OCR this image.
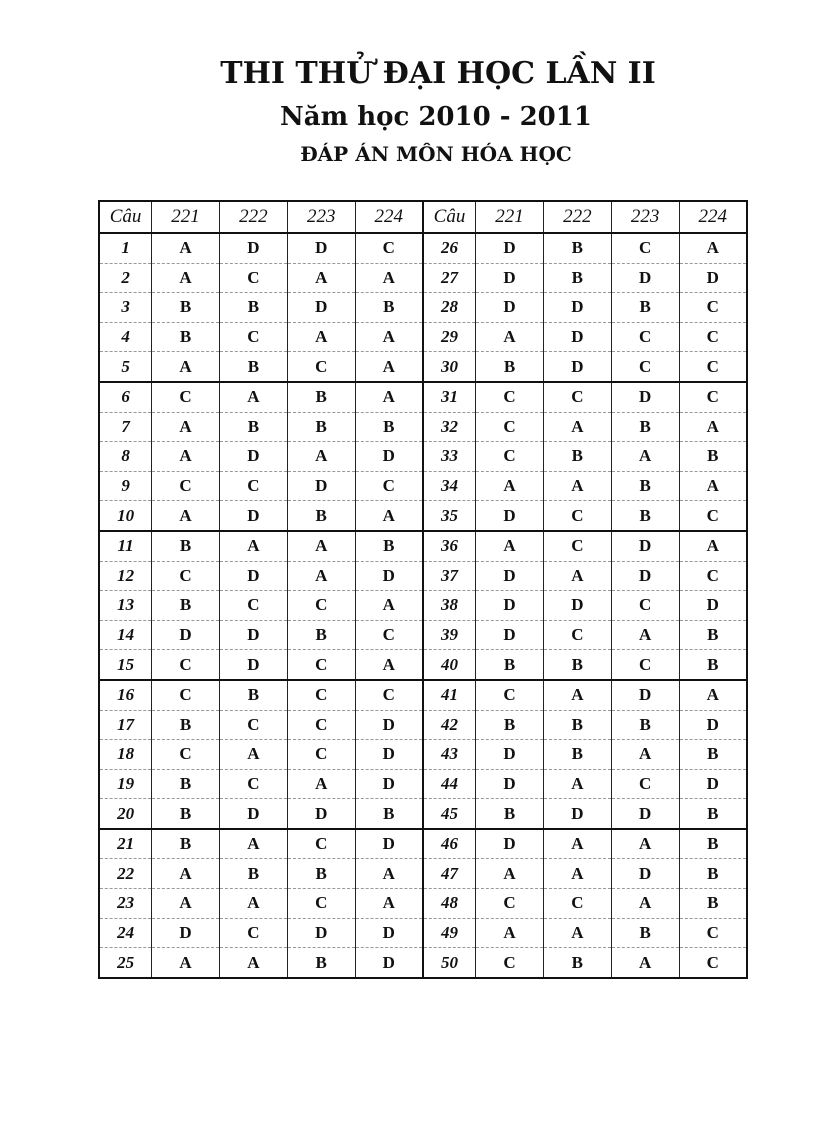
THI THỬ ĐẠI HỌC LẦN II
Năm học 2010 - 2011
ĐÁP ÁN MÔN HÓA HỌC
Câu	221	222	223	224	Câu	221	222	223	224
1	A	D	D	C	26	D	B	C	A
2	A	C	A	A	27	D	B	D	D
3	B	B	D	B	28	D	D	B	C
4	B	C	A	A	29	A	D	C	C
5	A	B	C	A	30	B	D	C	C
6	C	A	B	A	31	C	C	D	C
7	A	B	B	B	32	C	A	B	A
8	A	D	A	D	33	C	B	A	B
9	C	C	D	C	34	A	A	B	A
10	A	D	B	A	35	D	C	B	C
11	B	A	A	B	36	A	C	D	A
12	C	D	A	D	37	D	A	D	C
13	B	C	C	A	38	D	D	C	D
14	D	D	B	C	39	D	C	A	B
15	C	D	C	A	40	B	B	C	B
16	C	B	C	C	41	C	A	D	A
17	B	C	C	D	42	B	B	B	D
18	C	A	C	D	43	D	B	A	B
19	B	C	A	D	44	D	A	C	D
20	B	D	D	B	45	B	D	D	B
21	B	A	C	D	46	D	A	A	B
22	A	B	B	A	47	A	A	D	B
23	A	A	C	A	48	C	C	A	B
24	D	C	D	D	49	A	A	B	C
25	A	A	B	D	50	C	B	A	C
